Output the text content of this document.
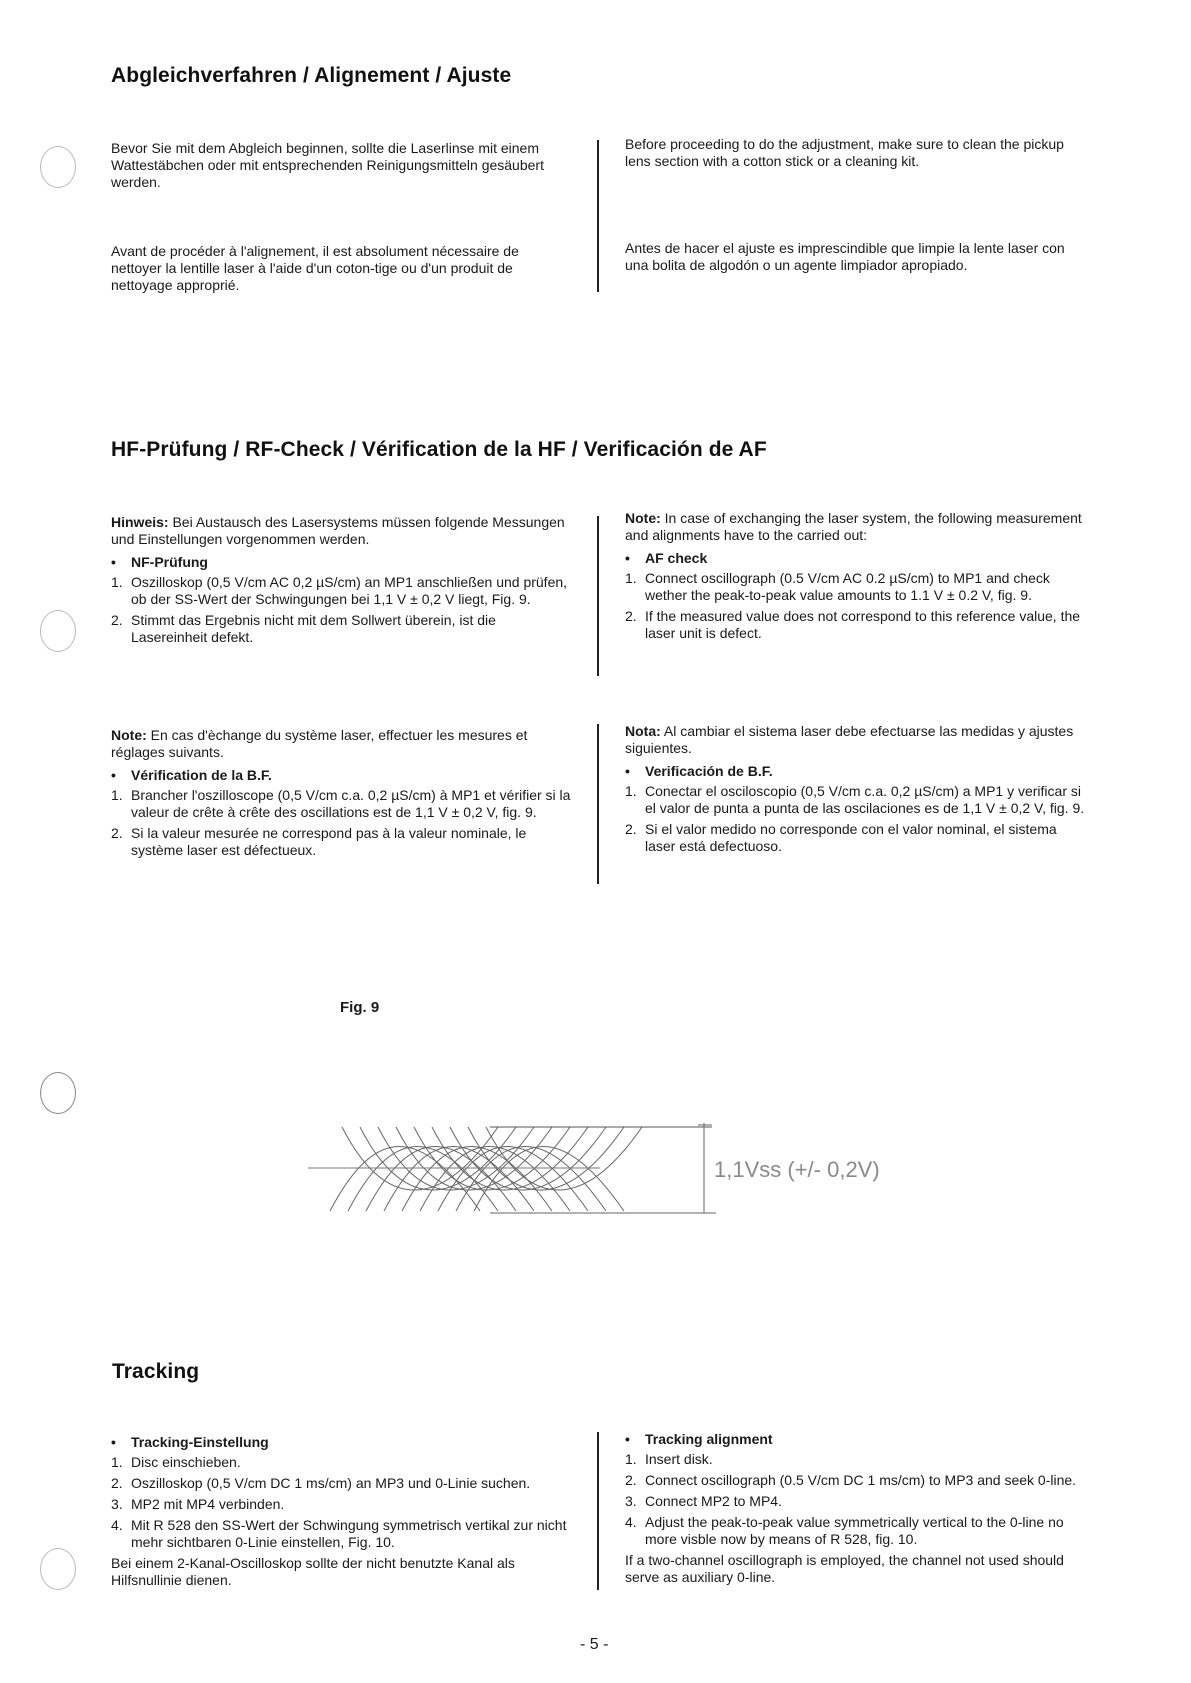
Abgleichverfahren / Alignement / Ajuste

Bevor Sie mit dem Abgleich beginnen, sollte die Laserlinse mit einem Wattestäbchen oder mit entsprechenden Reinigungsmitteln gesäubert werden.

Before proceeding to do the adjustment, make sure to clean the pickup lens section with a cotton stick or a cleaning kit.

Avant de procéder à l'alignement, il est absolument nécessaire de nettoyer la lentille laser à l'aide d'un coton-tige ou d'un produit de nettoyage approprié.

Antes de hacer el ajuste es imprescindible que limpie la lente laser con una bolita de algodón o un agente limpiador apropiado.

HF-Prüfung / RF-Check / Vérification de la HF / Verificación de AF

Hinweis: Bei Austausch des Lasersystems müssen folgende Messungen und Einstellungen vorgenommen werden.

• NF-Prüfung
1. Oszilloskop (0,5 V/cm AC 0,2 µS/cm) an MP1 anschließen und prüfen, ob der SS-Wert der Schwingungen bei 1,1 V ± 0,2 V liegt, Fig. 9.
2. Stimmt das Ergebnis nicht mit dem Sollwert überein, ist die Lasereinheit defekt.

Note: In case of exchanging the laser system, the following measurement and alignments have to the carried out:

• AF check
1. Connect oscillograph (0.5 V/cm AC 0.2 µS/cm) to MP1 and check wether the peak-to-peak value amounts to 1.1 V ± 0.2 V, fig. 9.
2. If the measured value does not correspond to this reference value, the laser unit is defect.

Note: En cas d'èchange du système laser, effectuer les mesures et réglages suivants.

• Vérification de la B.F.
1. Brancher l'oszilloscope (0,5 V/cm c.a. 0,2 µS/cm) à MP1 et vérifier si la valeur de crête à crête des oscillations est de 1,1 V ± 0,2 V, fig. 9.
2. Si la valeur mesurée ne correspond pas à la valeur nominale, le système laser est défectueux.

Nota: Al cambiar el sistema laser debe efectuarse las medidas y ajustes siguientes.

• Verificación de B.F.
1. Conectar el osciloscopio (0,5 V/cm c.a. 0,2 µS/cm) a MP1 y verificar si el valor de punta a punta de las oscilaciones es de 1,1 V ± 0,2 V, fig. 9.
2. Si el valor medido no corresponde con el valor nominal, el sistema laser está defectuoso.
Fig. 9
1,1Vss (+/- 0,2V)
Tracking
• Tracking-Einstellung
1. Disc einschieben.
2. Oszilloskop (0,5 V/cm DC 1 ms/cm) an MP3 und 0-Linie suchen.
3. MP2 mit MP4 verbinden.
4. Mit R 528 den SS-Wert der Schwingung symmetrisch vertikal zur nicht mehr sichtbaren 0-Linie einstellen, Fig. 10.

Bei einem 2-Kanal-Oscilloskop sollte der nicht benutzte Kanal als Hilfsnullinie dienen.

• Tracking alignment
1. Insert disk.
2. Connect oscillograph (0.5 V/cm DC 1 ms/cm) to MP3 and seek 0-line.
3. Connect MP2 to MP4.
4. Adjust the peak-to-peak value symmetrically vertical to the 0-line no more visble now by means of R 528, fig. 10.

If a two-channel oscillograph is employed, the channel not used should serve as auxiliary 0-line.

- 5 -
